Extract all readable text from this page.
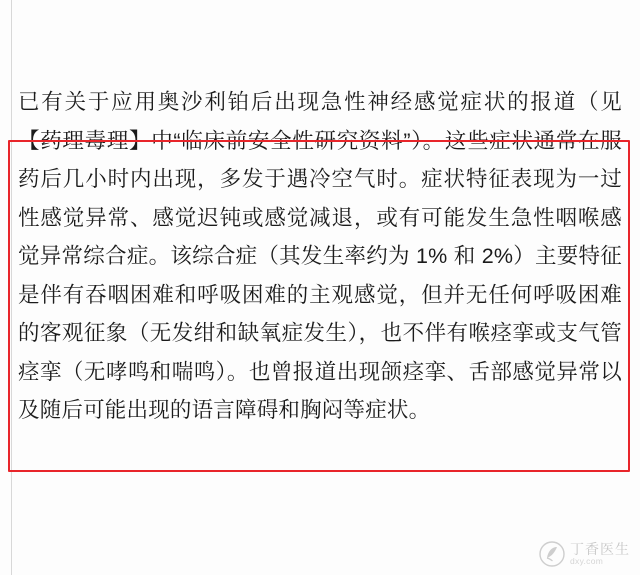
已有关于应用奥沙利铂后出现急性神经感觉症状的报道（见【药理毒理】中“临床前安全性研究资料”）。这些症状通常在服药后几小时内出现，多发于遇冷空气时。症状特征表现为一过性感觉异常、感觉迟钝或感觉减退，或有可能发生急性咽喉感觉异常综合症。该综合症（其发生率约为 1% 和 2%）主要特征是伴有吞咽困难和呼吸困难的主观感觉，但并无任何呼吸困难的客观征象（无发绀和缺氧症发生），也不伴有喉痉挛或支气管痉挛（无哮鸣和喘鸣）。也曾报道出现颌痉挛、舌部感觉异常以及随后可能出现的语言障碍和胸闷等症状。

丁香医生
dxy.com
